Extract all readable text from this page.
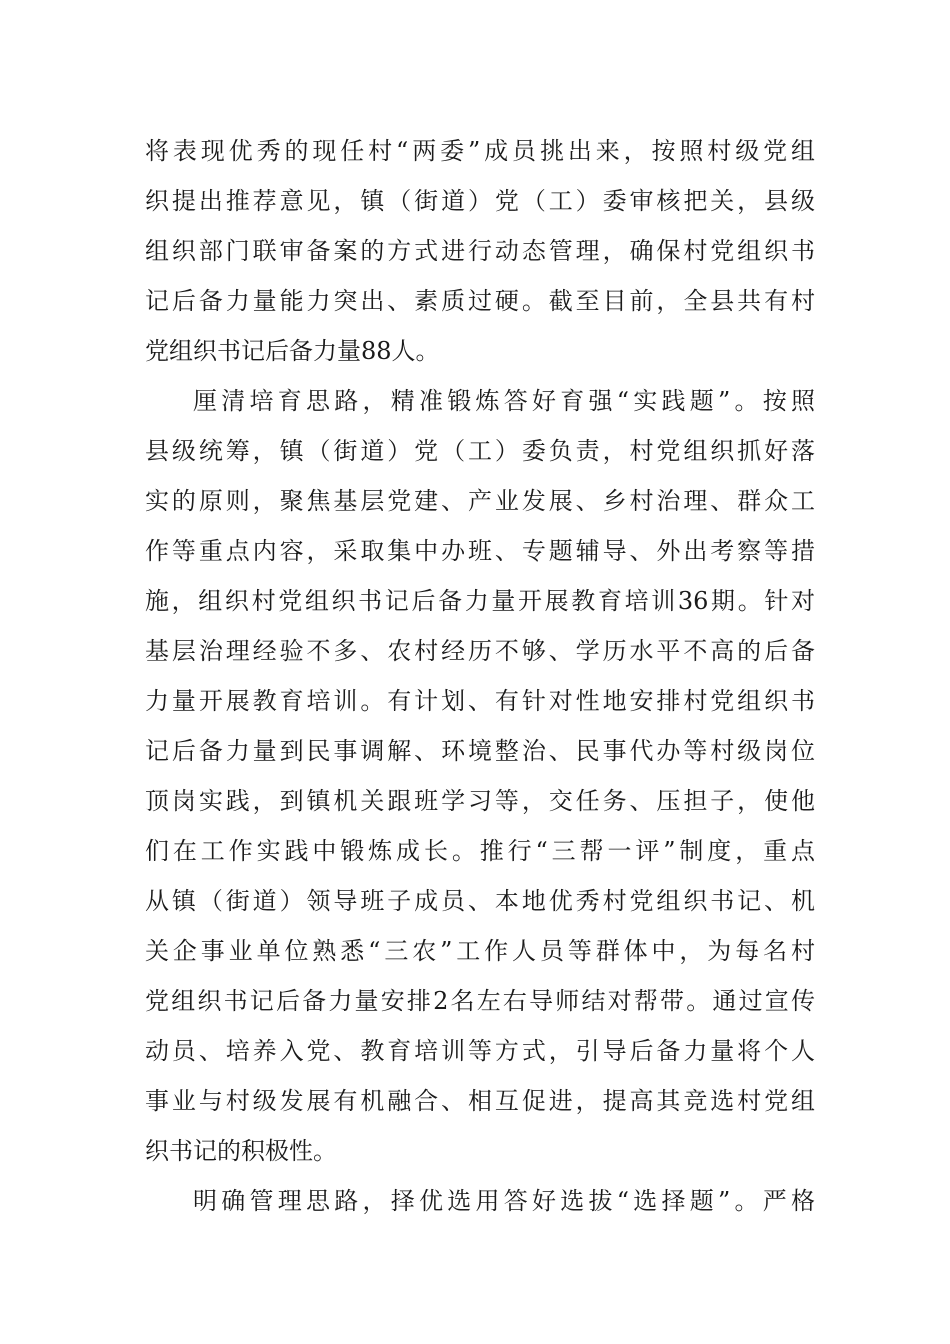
将表现优秀的现任村“两委”成员挑出来，按照村级党组
织提出推荐意见，镇（街道）党（工）委审核把关，县级
组织部门联审备案的方式进行动态管理，确保村党组织书
记后备力量能力突出、素质过硬。截至目前，全县共有村
党组织书记后备力量88人。
厘清培育思路，精准锻炼答好育强“实践题”。按照
县级统筹，镇（街道）党（工）委负责，村党组织抓好落
实的原则，聚焦基层党建、产业发展、乡村治理、群众工
作等重点内容，采取集中办班、专题辅导、外出考察等措
施，组织村党组织书记后备力量开展教育培训36期。针对
基层治理经验不多、农村经历不够、学历水平不高的后备
力量开展教育培训。有计划、有针对性地安排村党组织书
记后备力量到民事调解、环境整治、民事代办等村级岗位
顶岗实践，到镇机关跟班学习等，交任务、压担子，使他
们在工作实践中锻炼成长。推行“三帮一评”制度，重点
从镇（街道）领导班子成员、本地优秀村党组织书记、机
关企事业单位熟悉“三农”工作人员等群体中，为每名村
党组织书记后备力量安排2名左右导师结对帮带。通过宣传
动员、培养入党、教育培训等方式，引导后备力量将个人
事业与村级发展有机融合、相互促进，提高其竞选村党组
织书记的积极性。
明确管理思路，择优选用答好选拔“选择题”。严格
